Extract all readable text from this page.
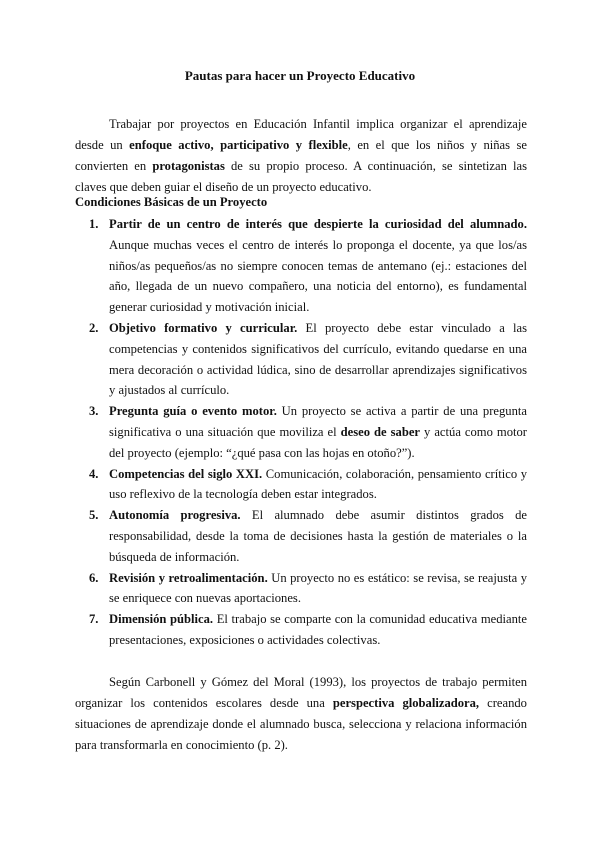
Pautas para hacer un Proyecto Educativo

Trabajar por proyectos en Educación Infantil implica organizar el aprendizaje desde un enfoque activo, participativo y flexible, en el que los niños y niñas se convierten en protagonistas de su propio proceso. A continuación, se sintetizan las claves que deben guiar el diseño de un proyecto educativo.

Condiciones Básicas de un Proyecto
1. Partir de un centro de interés que despierte la curiosidad del alumnado. Aunque muchas veces el centro de interés lo proponga el docente, ya que los/as niños/as pequeños/as no siempre conocen temas de antemano (ej.: estaciones del año, llegada de un nuevo compañero, una noticia del entorno), es fundamental generar curiosidad y motivación inicial.
2. Objetivo formativo y curricular. El proyecto debe estar vinculado a las competencias y contenidos significativos del currículo, evitando quedarse en una mera decoración o actividad lúdica, sino de desarrollar aprendizajes significativos y ajustados al currículo.
3. Pregunta guía o evento motor. Un proyecto se activa a partir de una pregunta significativa o una situación que moviliza el deseo de saber y actúa como motor del proyecto (ejemplo: “¿qué pasa con las hojas en otoño?”).
4. Competencias del siglo XXI. Comunicación, colaboración, pensamiento crítico y uso reflexivo de la tecnología deben estar integrados.
5. Autonomía progresiva. El alumnado debe asumir distintos grados de responsabilidad, desde la toma de decisiones hasta la gestión de materiales o la búsqueda de información.
6. Revisión y retroalimentación. Un proyecto no es estático: se revisa, se reajusta y se enriquece con nuevas aportaciones.
7. Dimensión pública. El trabajo se comparte con la comunidad educativa mediante presentaciones, exposiciones o actividades colectivas.

Según Carbonell y Gómez del Moral (1993), los proyectos de trabajo permiten organizar los contenidos escolares desde una perspectiva globalizadora, creando situaciones de aprendizaje donde el alumnado busca, selecciona y relaciona información para transformarla en conocimiento (p. 2).
